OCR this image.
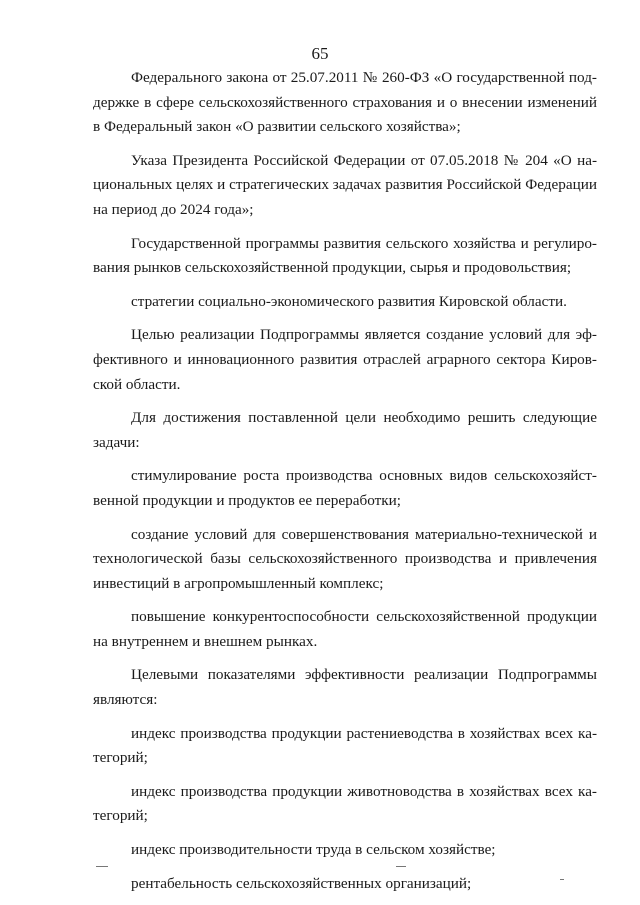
65

Федерального закона от 25.07.2011 № 260-ФЗ «О государственной под-
держке в сфере сельскохозяйственного страхования и о внесении изменений
в Федеральный закон «О развитии сельского хозяйства»;

Указа Президента Российской Федерации от 07.05.2018 № 204 «О на-
циональных целях и стратегических задачах развития Российской Федерации
на период до 2024 года»;

Государственной программы развития сельского хозяйства и регулиро-
вания рынков сельскохозяйственной продукции, сырья и продовольствия;

стратегии социально-экономического развития Кировской области.

Целью реализации Подпрограммы является создание условий для эф-
фективного и инновационного развития отраслей аграрного сектора Киров-
ской области.

Для достижения поставленной цели необходимо решить следующие
задачи:

стимулирование роста производства основных видов сельскохозяйст-
венной продукции и продуктов ее переработки;

создание условий для совершенствования материально-технической и
технологической базы сельскохозяйственного производства и привлечения
инвестиций в агропромышленный комплекс;

повышение конкурентоспособности сельскохозяйственной продукции
на внутреннем и внешнем рынках.

Целевыми показателями эффективности реализации Подпрограммы
являются:

индекс производства продукции растениеводства в хозяйствах всех ка-
тегорий;

индекс производства продукции животноводства в хозяйствах всех ка-
тегорий;

индекс производительности труда в сельском хозяйстве;

рентабельность сельскохозяйственных организаций;
